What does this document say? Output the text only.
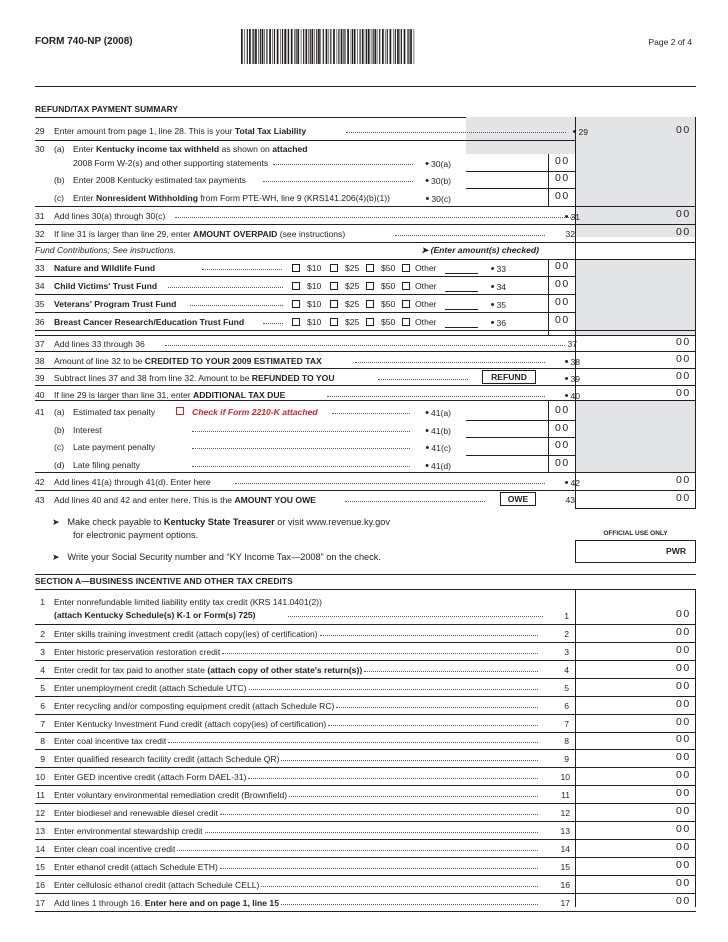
FORM 740-NP (2008)	Page 2 of 4
REFUND/TAX PAYMENT SUMMARY
29	Enter amount from page 1, line 28. This is your Total Tax Liability •	29	00
30	(a) Enter Kentucky income tax withheld as shown on attached
2008 Form W-2(s) and other supporting statements •	30(a)	00
(b) Enter 2008 Kentucky estimated tax payments •	30(b)	00
(c) Enter Nonresident Withholding from Form PTE-WH, line 9 (KRS141.206(4)(b)(1)) •	30(c)	00
31	Add lines 30(a) through 30(c) •	31	00
32	If line 31 is larger than line 29, enter AMOUNT OVERPAID (see instructions)	32	00
Fund Contributions; See instructions.	➤ (Enter amount(s) checked)
33	Nature and Wildlife Fund	$10	$25	$50 Other •	33	00
34	Child Victims' Trust Fund	$10	$25	$50 Other •	34	00
35	Veterans' Program Trust Fund	$10	$25	$50 Other •	35	00
36	Breast Cancer Research/Education Trust Fund	$10	$25	$50 Other •	36	00
37	Add lines 33 through 36	37	00
38	Amount of line 32 to be CREDITED TO YOUR 2009 ESTIMATED TAX •	38	00
39	Subtract lines 37 and 38 from line 32. Amount to be REFUNDED TO YOU	REFUND •	39	00
40	If line 29 is larger than line 31, enter ADDITIONAL TAX DUE •	40	00
41	(a) Estimated tax penalty	Check if Form 2210-K attached •	41(a)	00
(b) Interest •	41(b)	00
(c) Late payment penalty •	41(c)	00
(d) Late filing penalty •	41(d)	00
42	Add lines 41(a) through 41(d). Enter here •	42	00
43	Add lines 40 and 42 and enter here. This is the AMOUNT YOU OWE	OWE	43	00
➤   Make check payable to Kentucky State Treasurer or visit www.revenue.ky.gov
for electronic payment options.
➤   Write your Social Security number and “KY Income Tax—2008” on the check.
OFFICIAL USE ONLY
PWR
SECTION A—BUSINESS INCENTIVE AND OTHER TAX CREDITS
1 Enter nonrefundable limited liability entity tax credit (KRS 141.0401(2))
(attach Kentucky Schedule(s) K-1 or Form(s) 725)	1	00
2 Enter skills training investment credit (attach copy(ies) of certification)	2	00
3 Enter historic preservation restoration credit	3	00
4 Enter credit for tax paid to another state (attach copy of other state's return(s))	4	00
5 Enter unemployment credit (attach Schedule UTC)	5	00
6 Enter recycling and/or composting equipment credit (attach Schedule RC)	6	00
7 Enter Kentucky Investment Fund credit (attach copy(ies) of certification)	7	00
8 Enter coal incentive tax credit	8	00
9 Enter qualified research facility credit (attach Schedule QR)	9	00
10 Enter GED incentive credit (attach Form DAEL-31)	10	00
11 Enter voluntary environmental remediation credit (Brownfield)	11	00
12 Enter biodiesel and renewable diesel credit	12	00
13 Enter environmental stewardship credit	13	00
14 Enter clean coal incentive credit	14	00
15 Enter ethanol credit (attach Schedule ETH)	15	00
16 Enter cellulosic ethanol credit (attach Schedule CELL)	16	00
17 Add lines 1 through 16. Enter here and on page 1, line 15	17	00
